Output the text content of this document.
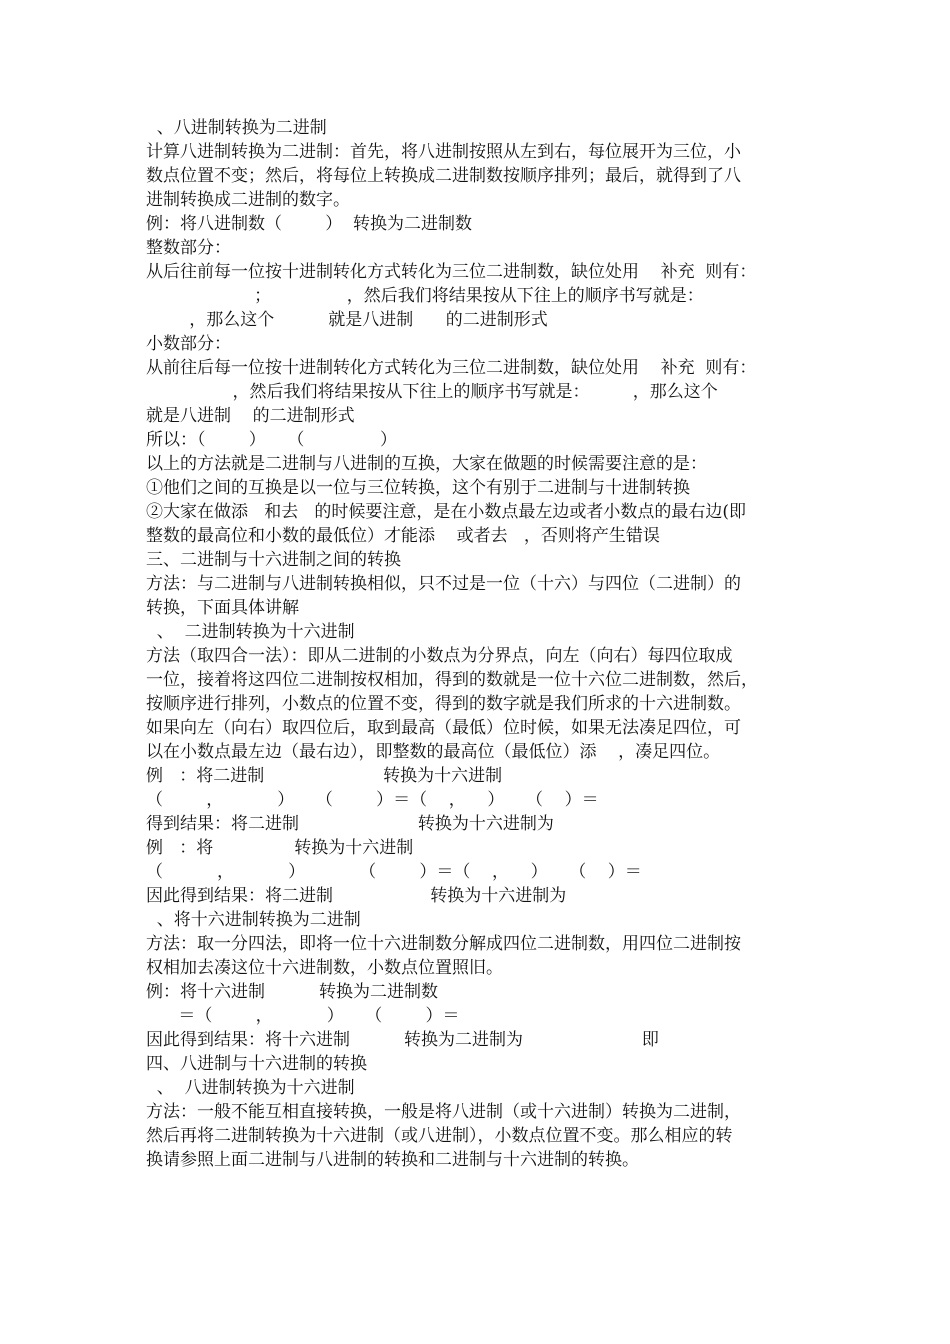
、八进制转换为二进制
计算八进制转换为二进制：首先，将八进制按照从左到右，每位展开为三位，小
数点位置不变；然后，将每位上转换成二进制数按顺序排列；最后，就得到了八
进制转换成二进制的数字。
例：将八进制数（        ）  转换为二进制数
整数部分：
从后往前每一位按十进制转化方式转化为三位二进制数，缺位处用    补充  则有：
；              ，然后我们将结果按从下往上的顺序书写就是：
，那么这个          就是八进制      的二进制形式
小数部分：
从前往后每一位按十进制转化方式转化为三位二进制数，缺位处用    补充  则有：
，然后我们将结果按从下往上的顺序书写就是：        ，那么这个
就是八进制    的二进制形式
所以：（        ）    （              ）
以上的方法就是二进制与八进制的互换，大家在做题的时候需要注意的是：
①他们之间的互换是以一位与三位转换，这个有别于二进制与十进制转换
②大家在做添   和去   的时候要注意，是在小数点最左边或者小数点的最右边(即
整数的最高位和小数的最低位）才能添    或者去   ，否则将产生错误
三、二进制与十六进制之间的转换
方法：与二进制与八进制转换相似，只不过是一位（十六）与四位（二进制）的
转换，下面具体讲解
、  二进制转换为十六进制
方法（取四合一法）：即从二进制的小数点为分界点，向左（向右）每四位取成
一位，接着将这四位二进制按权相加，得到的数就是一位十六位二进制数，然后，
按顺序进行排列，小数点的位置不变，得到的数字就是我们所求的十六进制数。
如果向左（向右）取四位后，取到最高（最低）位时候，如果无法凑足四位，可
以在小数点最左边（最右边），即整数的最高位（最低位）添    ，凑足四位。
例   ：将二进制                      转换为十六进制
（        ，          ）    （        ）＝（    ，    ）    （    ）＝
得到结果：将二进制                      转换为十六进制为
例   ：将               转换为十六进制
（          ，          ）          （        ）＝（    ，    ）    （    ）＝
因此得到结果：将二进制                  转换为十六进制为
、将十六进制转换为二进制
方法：取一分四法，即将一位十六进制数分解成四位二进制数，用四位二进制按
权相加去凑这位十六进制数，小数点位置照旧。
例：将十六进制          转换为二进制数
＝（        ，          ）    （        ）＝
因此得到结果：将十六进制          转换为二进制为                      即
四、八进制与十六进制的转换
、  八进制转换为十六进制
方法：一般不能互相直接转换，一般是将八进制（或十六进制）转换为二进制，
然后再将二进制转换为十六进制（或八进制），小数点位置不变。那么相应的转
换请参照上面二进制与八进制的转换和二进制与十六进制的转换。
